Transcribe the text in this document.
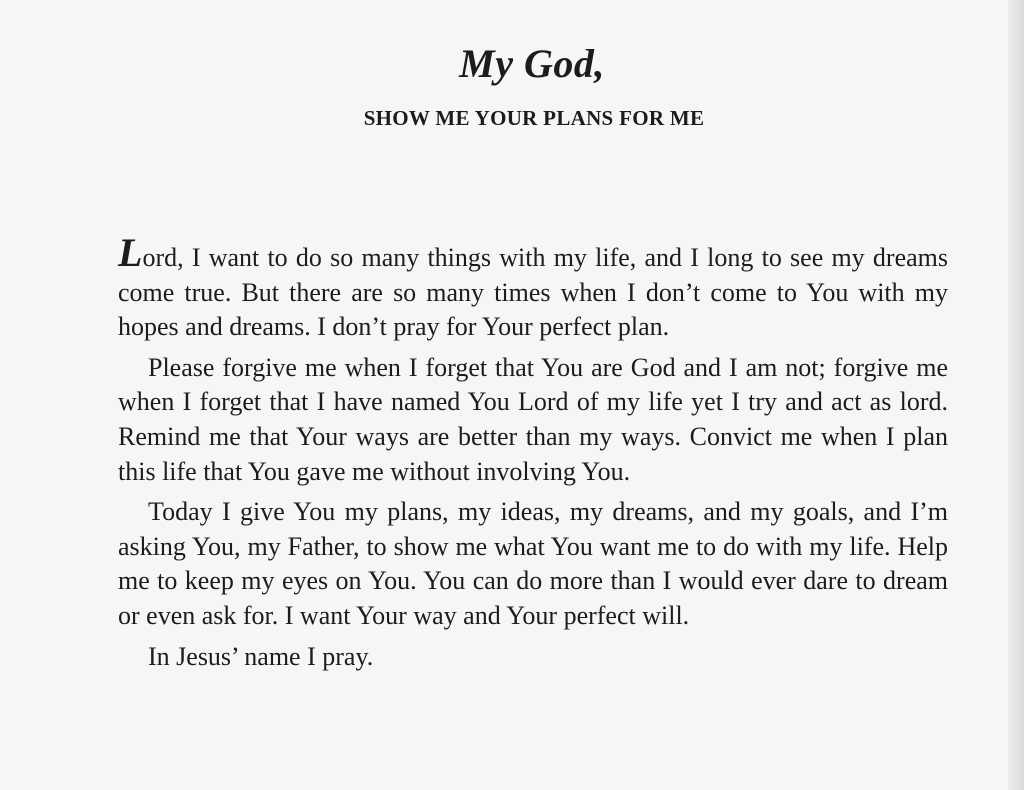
My God,
SHOW ME YOUR PLANS FOR ME

Lord, I want to do so many things with my life, and I long to see my dreams come true. But there are so many times when I don’t come to You with my hopes and dreams. I don’t pray for Your perfect plan.

Please forgive me when I forget that You are God and I am not; forgive me when I forget that I have named You Lord of my life yet I try and act as lord. Remind me that Your ways are better than my ways. Convict me when I plan this life that You gave me without involving You.

Today I give You my plans, my ideas, my dreams, and my goals, and I’m asking You, my Father, to show me what You want me to do with my life. Help me to keep my eyes on You. You can do more than I would ever dare to dream or even ask for. I want Your way and Your perfect will.

In Jesus’ name I pray.
